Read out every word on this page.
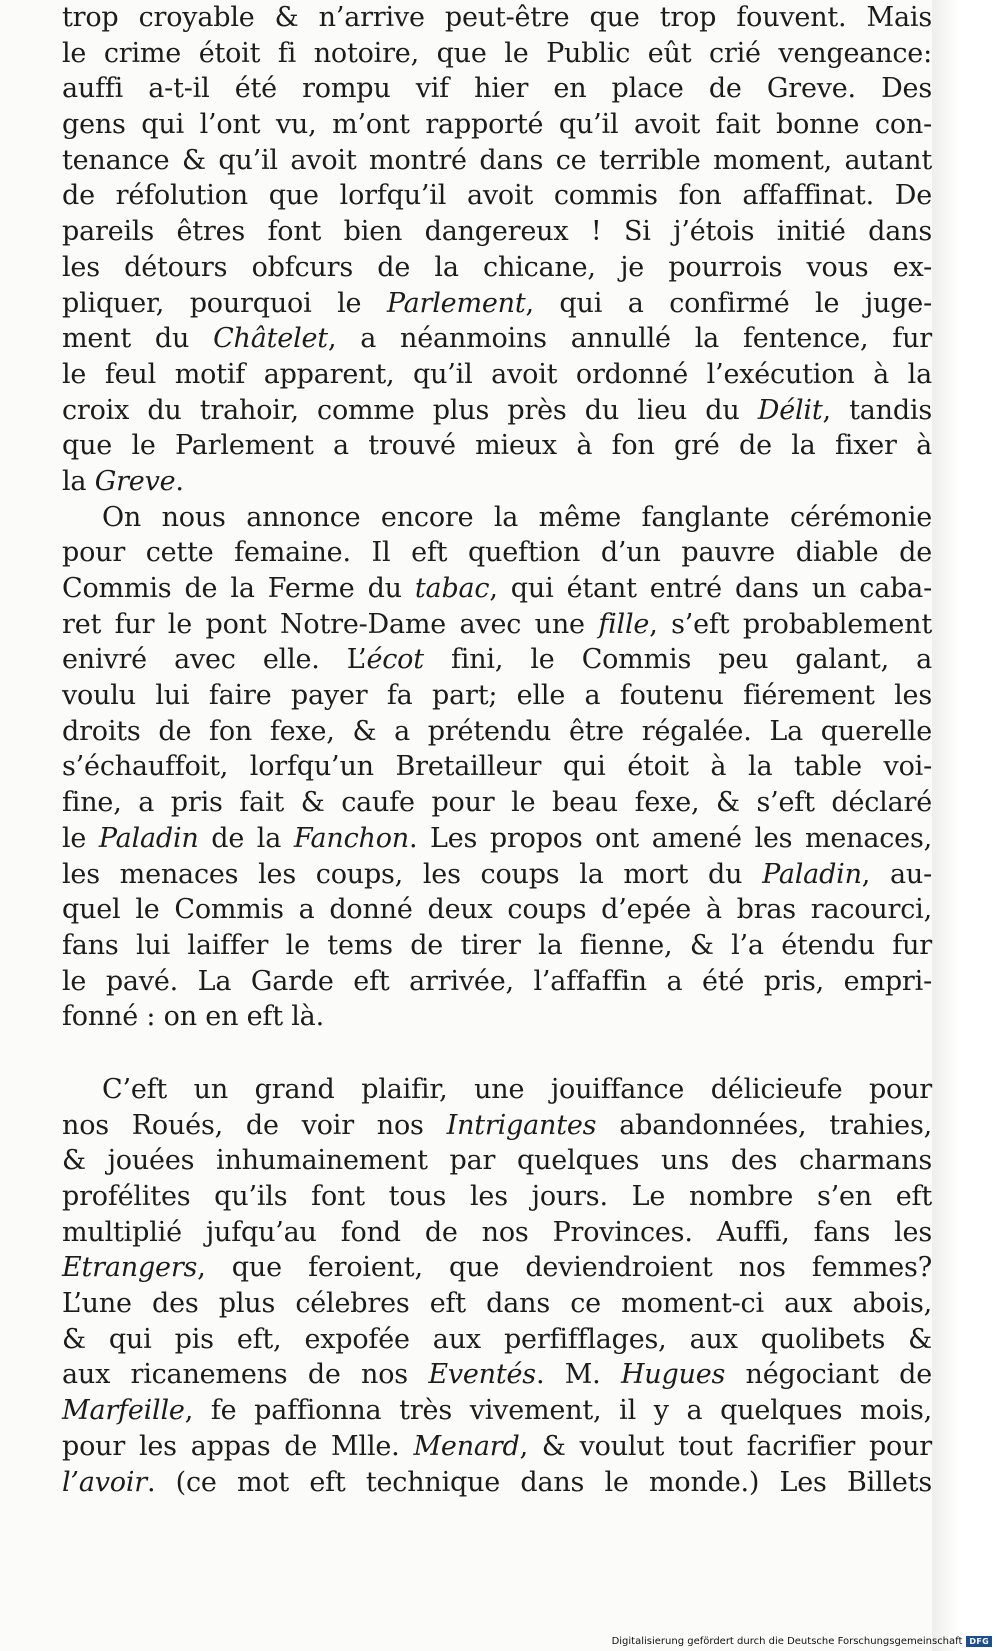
trop croyable & n’arrive peut-être que trop fouvent. Mais
le crime étoit fi notoire, que le Public eût crié vengeance:
auffi a-t-il été rompu vif hier en place de Greve. Des
gens qui l’ont vu, m’ont rapporté qu’il avoit fait bonne con-
tenance & qu’il avoit montré dans ce terrible moment, autant
de réfolution que lorfqu’il avoit commis fon affaffinat. De
pareils êtres font bien dangereux ! Si j’étois initié dans
les détours obfcurs de la chicane, je pourrois vous ex-
pliquer, pourquoi le Parlement, qui a confirmé le juge-
ment du Châtelet, a néanmoins annullé la fentence, fur
le feul motif apparent, qu’il avoit ordonné l’exécution à la
croix du trahoir, comme plus près du lieu du Délit, tandis
que le Parlement a trouvé mieux à fon gré de la fixer à
la Greve.
On nous annonce encore la même fanglante cérémonie
pour cette femaine. Il eft queftion d’un pauvre diable de
Commis de la Ferme du tabac, qui étant entré dans un caba-
ret fur le pont Notre-Dame avec une fille, s’eft probablement
enivré avec elle. L’écot fini, le Commis peu galant, a
voulu lui faire payer fa part; elle a foutenu fiérement les
droits de fon fexe, & a prétendu être régalée. La querelle
s’échauffoit, lorfqu’un Bretailleur qui étoit à la table voi-
fine, a pris fait & caufe pour le beau fexe, & s’eft déclaré
le Paladin de la Fanchon. Les propos ont amené les menaces,
les menaces les coups, les coups la mort du Paladin, au-
quel le Commis a donné deux coups d’epée à bras racourci,
fans lui laiffer le tems de tirer la fienne, & l’a étendu fur
le pavé. La Garde eft arrivée, l’affaffin a été pris, empri-
fonné : on en eft là.
C’eft un grand plaifir, une jouiffance délicieufe pour
nos Roués, de voir nos Intrigantes abandonnées, trahies,
& jouées inhumainement par quelques uns des charmans
profélites qu’ils font tous les jours. Le nombre s’en eft
multiplié jufqu’au fond de nos Provinces. Auffi, fans les
Etrangers, que feroient, que deviendroient nos femmes?
L’une des plus célebres eft dans ce moment-ci aux abois,
& qui pis eft, expofée aux perfifflages, aux quolibets &
aux ricanemens de nos Eventés. M. Hugues négociant de
Marfeille, fe paffionna très vivement, il y a quelques mois,
pour les appas de Mlle. Menard, & voulut tout facrifier pour
l’avoir. (ce mot eft technique dans le monde.) Les Billets
Digitalisierung gefördert durch die Deutsche Forschungsgemeinschaft DFG
